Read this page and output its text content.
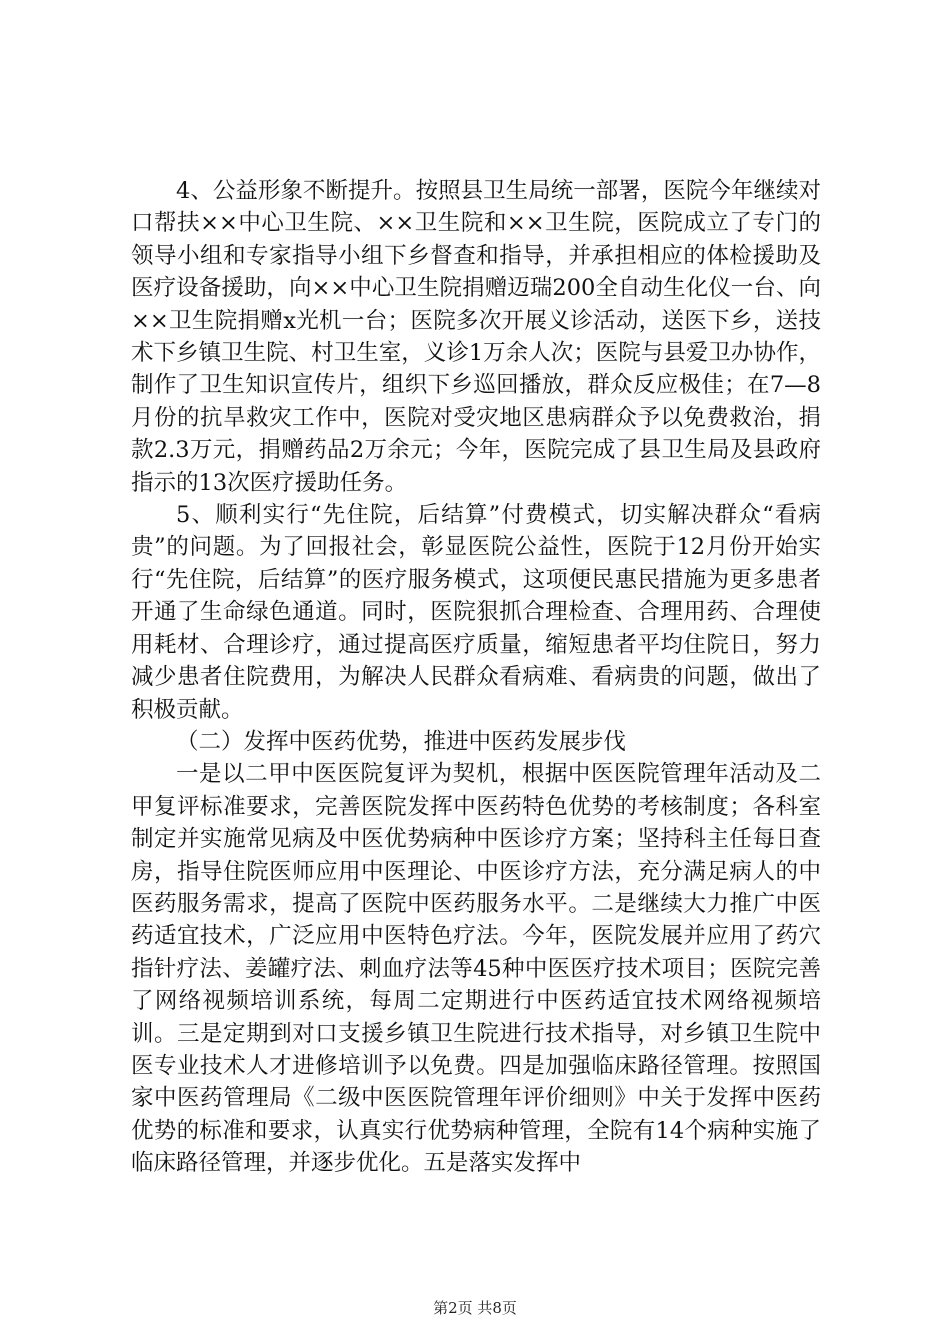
4、公益形象不断提升。按照县卫生局统一部署，医院今年继续对口帮扶××中心卫生院、××卫生院和××卫生院，医院成立了专门的领导小组和专家指导小组下乡督查和指导，并承担相应的体检援助及医疗设备援助，向××中心卫生院捐赠迈瑞200全自动生化仪一台、向××卫生院捐赠x光机一台；医院多次开展义诊活动，送医下乡，送技术下乡镇卫生院、村卫生室，义诊1万余人次；医院与县爱卫办协作，制作了卫生知识宣传片，组织下乡巡回播放，群众反应极佳；在7—8月份的抗旱救灾工作中，医院对受灾地区患病群众予以免费救治，捐款2.3万元，捐赠药品2万余元；今年，医院完成了县卫生局及县政府指示的13次医疗援助任务。

5、顺利实行“先住院，后结算”付费模式，切实解决群众“看病贵”的问题。为了回报社会，彰显医院公益性，医院于12月份开始实行“先住院，后结算”的医疗服务模式，这项便民惠民措施为更多患者开通了生命绿色通道。同时，医院狠抓合理检查、合理用药、合理使用耗材、合理诊疗，通过提高医疗质量，缩短患者平均住院日，努力减少患者住院费用，为解决人民群众看病难、看病贵的问题，做出了积极贡献。

（二）发挥中医药优势，推进中医药发展步伐

一是以二甲中医医院复评为契机，根据中医医院管理年活动及二甲复评标准要求，完善医院发挥中医药特色优势的考核制度；各科室制定并实施常见病及中医优势病种中医诊疗方案；坚持科主任每日查房，指导住院医师应用中医理论、中医诊疗方法，充分满足病人的中医药服务需求，提高了医院中医药服务水平。二是继续大力推广中医药适宜技术，广泛应用中医特色疗法。今年，医院发展并应用了药穴指针疗法、姜罐疗法、刺血疗法等45种中医医疗技术项目；医院完善了网络视频培训系统，每周二定期进行中医药适宜技术网络视频培训。三是定期到对口支援乡镇卫生院进行技术指导，对乡镇卫生院中医专业技术人才进修培训予以免费。四是加强临床路径管理。按照国家中医药管理局《二级中医医院管理年评价细则》中关于发挥中医药优势的标准和要求，认真实行优势病种管理，全院有14个病种实施了临床路径管理，并逐步优化。五是落实发挥中

第2页 共8页
